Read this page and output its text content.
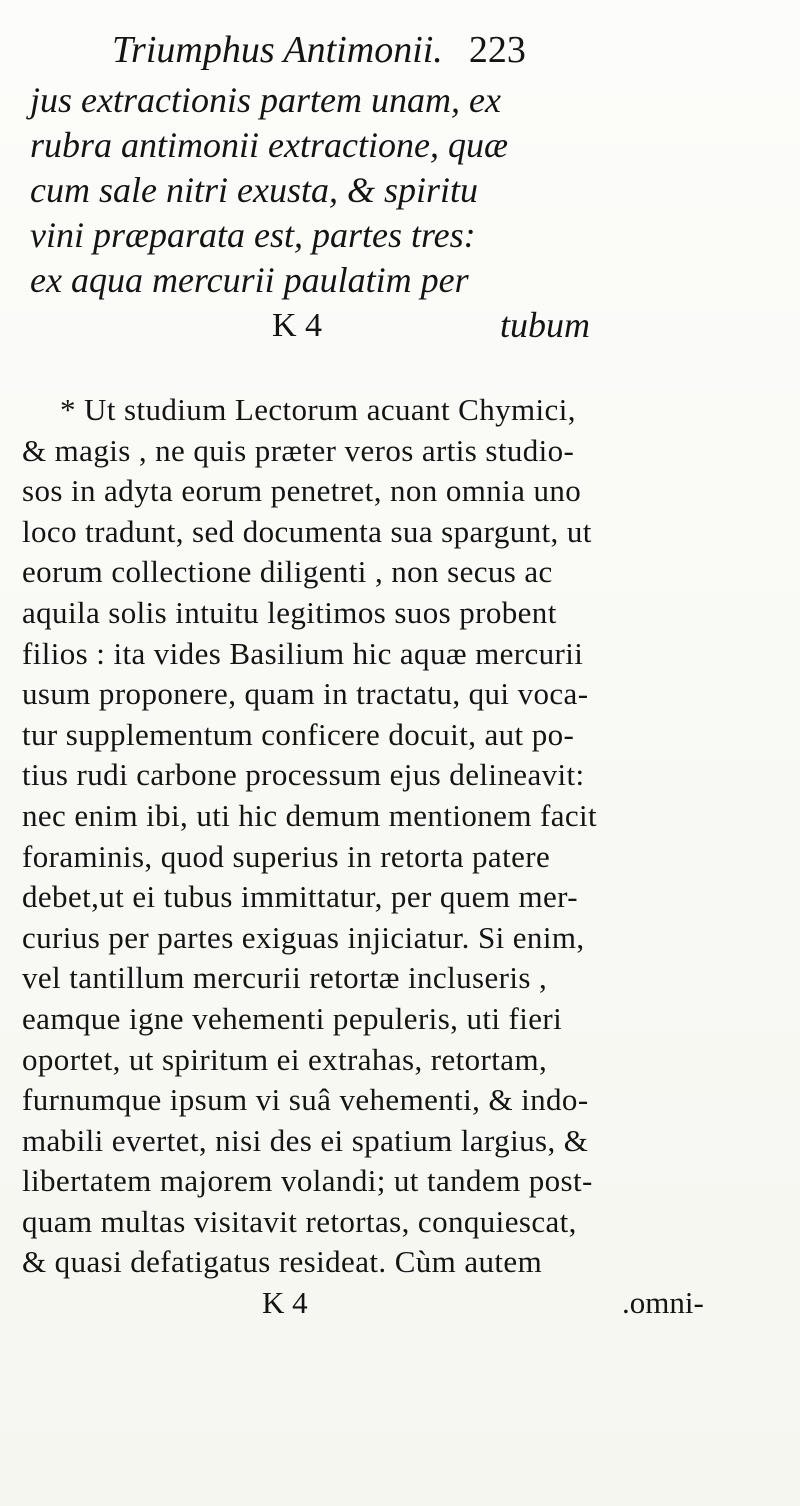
Triumphus Antimonii. 223
jus extractionis partem unam, ex
rubra antimonii extractione, quæ
cum sale nitri exusta, & spiritu
vini præparata est, partes tres:
ex aqua mercurii paulatim per
K 4	tubum
* Ut studium Lectorum acuant Chymici,
& magis , ne quis præter veros artis studio-
sos in adyta eorum penetret, non omnia uno
loco tradunt, sed documenta sua spargunt, ut
eorum collectione diligenti , non secus ac
aquila solis intuitu legitimos suos probent
filios : ita vides Basilium hic aquæ mercurii
usum proponere, quam in tractatu, qui voca-
tur supplementum conficere docuit, aut po-
tius rudi carbone processum ejus delineavit:
nec enim ibi, uti hic demum mentionem facit
foraminis, quod superius in retorta patere
debet,ut ei tubus immittatur, per quem mer-
curius per partes exiguas injiciatur. Si enim,
vel tantillum mercurii retortæ incluseris ,
eamque igne vehementi pepuleris, uti fieri
oportet, ut spiritum ei extrahas, retortam,
furnumque ipsum vi suâ vehementi, & indo-
mabili evertet, nisi des ei spatium largius, &
libertatem majorem volandi; ut tandem post-
quam multas visitavit retortas, conquiescat,
& quasi defatigatus resideat. Cùm autem
K 4	.omni-
